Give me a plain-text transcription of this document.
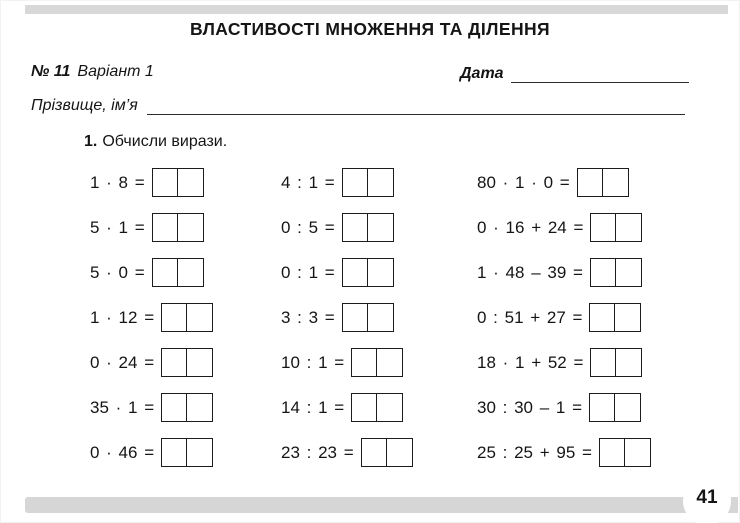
ВЛАСТИВОСТІ МНОЖЕННЯ ТА ДІЛЕННЯ
№ 11 Варіант 1	Дата
Прізвище, ім’я
1. Обчисли вирази.
1 · 8 =
5 · 1 =
5 · 0 =
1 · 12 =
0 · 24 =
35 · 1 =
0 · 46 =
4 : 1 =
0 : 5 =
0 : 1 =
3 : 3 =
10 : 1 =
14 : 1 =
23 : 23 =
80 · 1 · 0 =
0 · 16 + 24 =
1 · 48 – 39 =
0 : 51 + 27 =
18 · 1 + 52 =
30 : 30 – 1 =
25 : 25 + 95 =
41
